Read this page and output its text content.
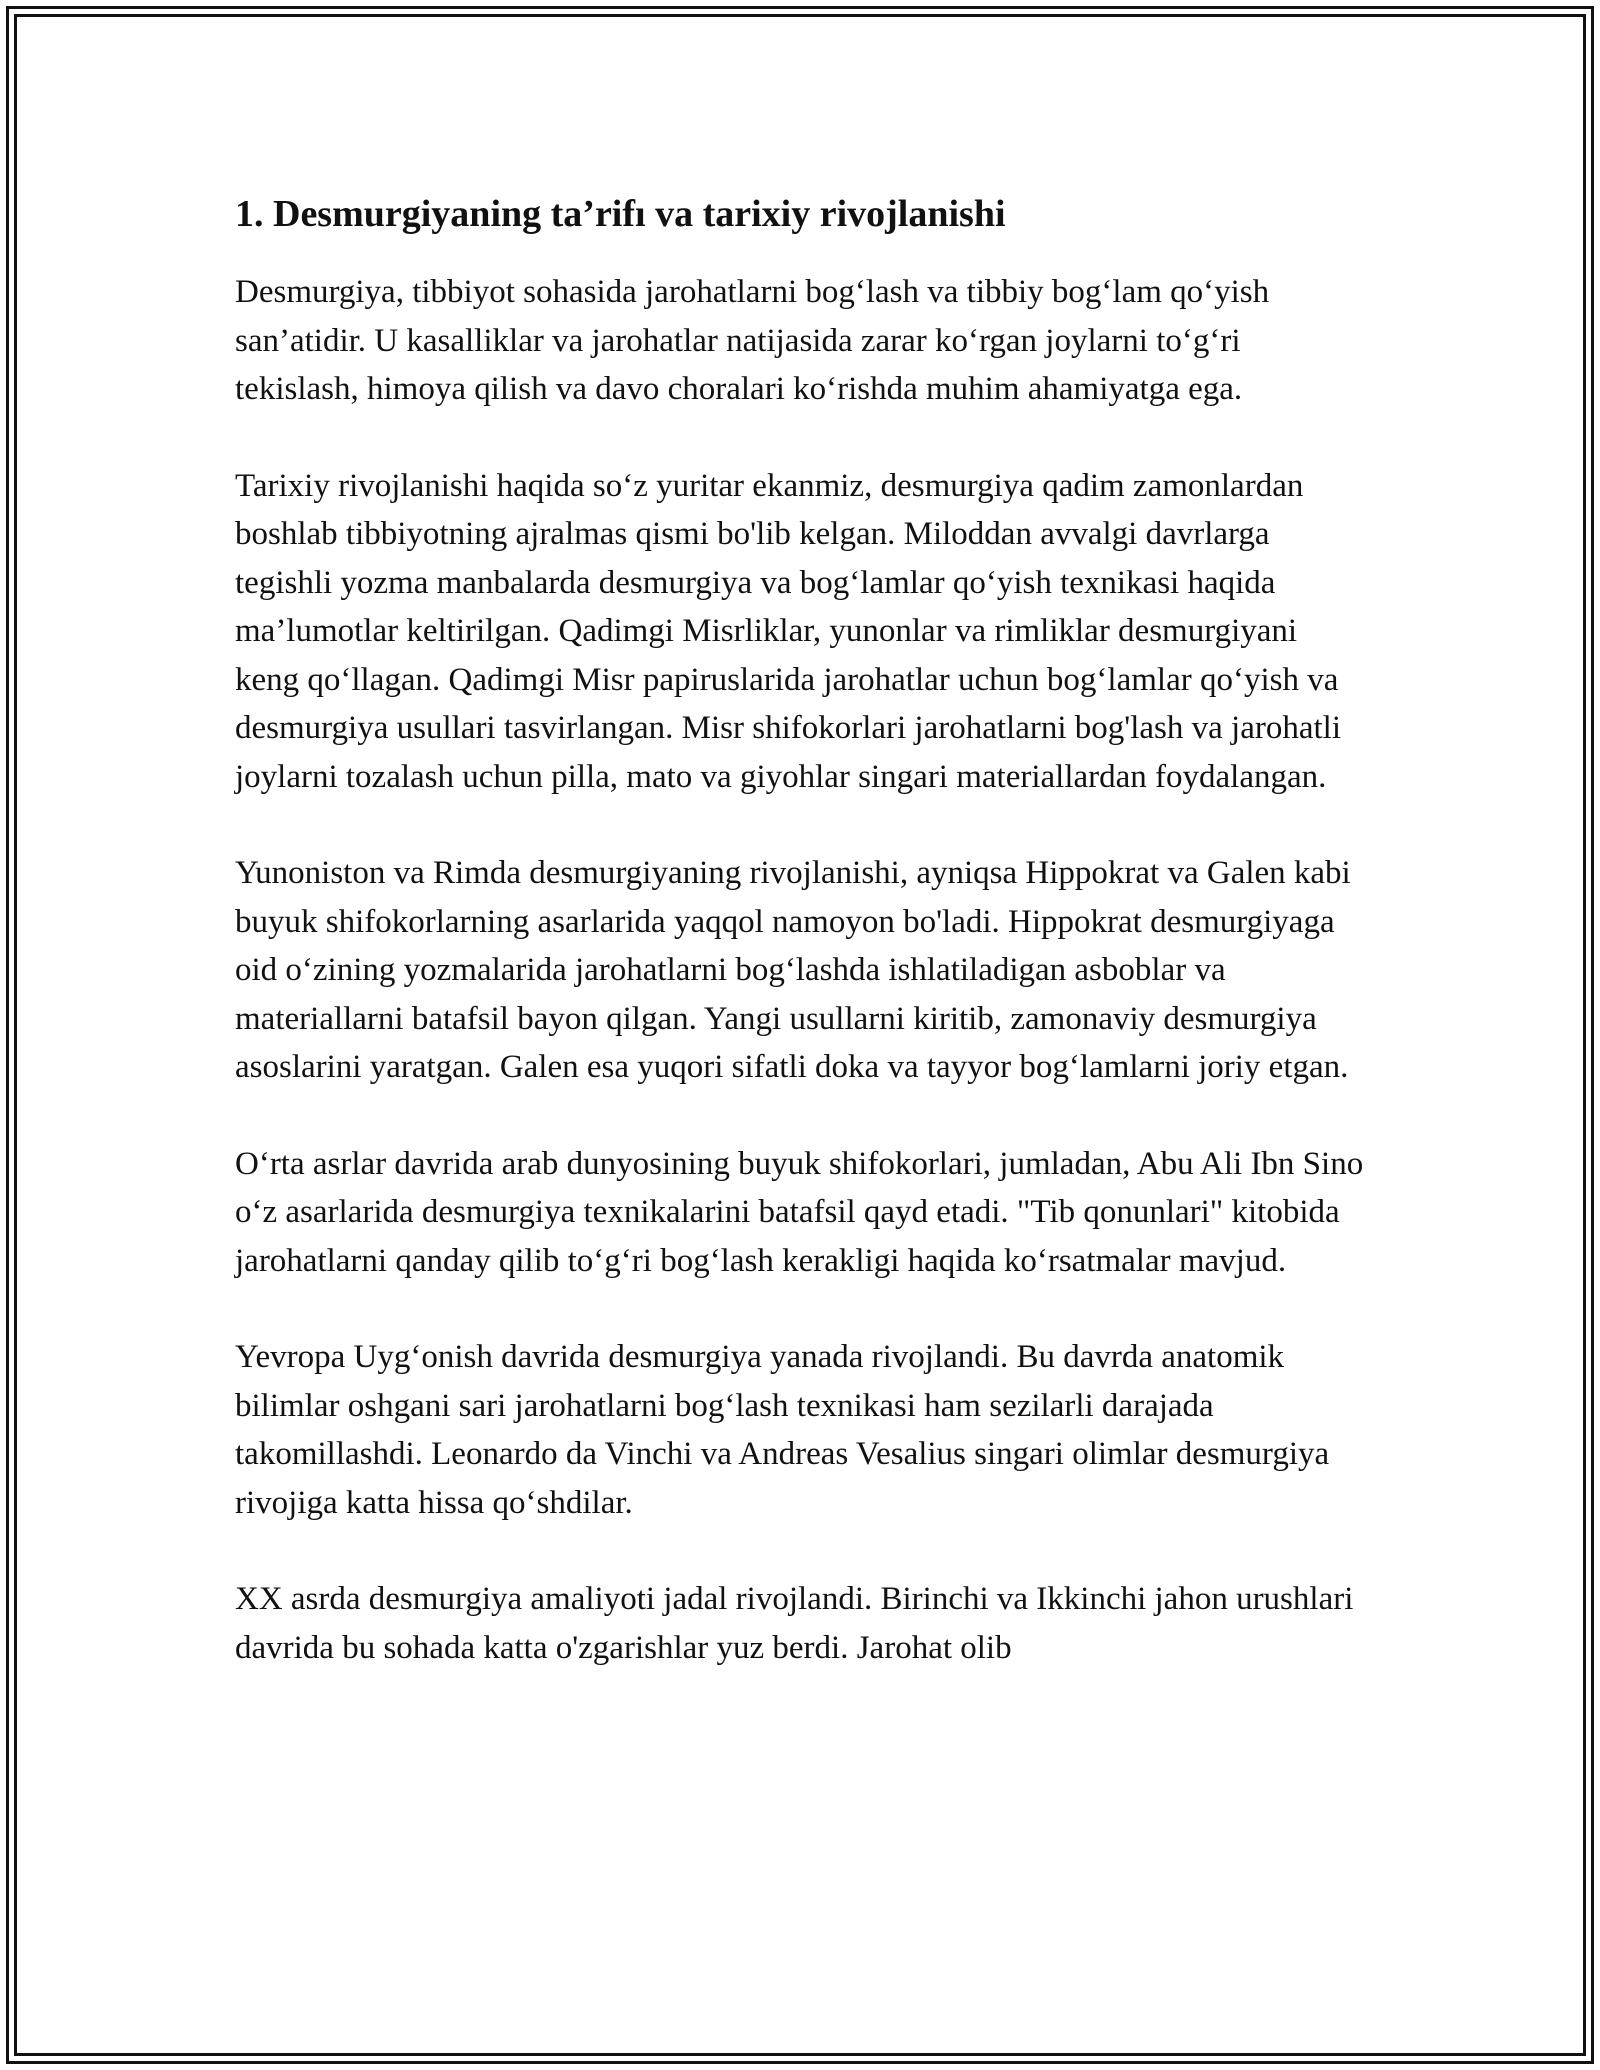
1. Desmurgiyaning ta’rifı va tarixiy rivojlanishi

Desmurgiya, tibbiyot sohasida jarohatlarni bog‘lash va tibbiy bog‘lam qo‘yish san’atidir. U kasalliklar va jarohatlar natijasida zarar ko‘rgan joylarni to‘g‘ri tekislash, himoya qilish va davo choralari ko‘rishda muhim ahamiyatga ega.

Tarixiy rivojlanishi haqida so‘z yuritar ekanmiz, desmurgiya qadim zamonlardan boshlab tibbiyotning ajralmas qismi bo'lib kelgan. Miloddan avvalgi davrlarga tegishli yozma manbalarda desmurgiya va bog‘lamlar qo‘yish texnikasi haqida ma’lumotlar keltirilgan. Qadimgi Misrliklar, yunonlar va rimliklar desmurgiyani keng qo‘llagan. Qadimgi Misr papiruslarida jarohatlar uchun bog‘lamlar qo‘yish va desmurgiya usullari tasvirlangan. Misr shifokorlari jarohatlarni bog'lash va jarohatli joylarni tozalash uchun pilla, mato va giyohlar singari materiallardan foydalangan.

Yunoniston va Rimda desmurgiyaning rivojlanishi, ayniqsa Hippokrat va Galen kabi buyuk shifokorlarning asarlarida yaqqol namoyon bo'ladi. Hippokrat desmurgiyaga oid o‘zining yozmalarida jarohatlarni bog‘lashda ishlatiladigan asboblar va materiallarni batafsil bayon qilgan. Yangi usullarni kiritib, zamonaviy desmurgiya asoslarini yaratgan. Galen esa yuqori sifatli doka va tayyor bog‘lamlarni joriy etgan.

O‘rta asrlar davrida arab dunyosining buyuk shifokorlari, jumladan, Abu Ali Ibn Sino o‘z asarlarida desmurgiya texnikalarini batafsil qayd etadi. "Tib qonunlari" kitobida jarohatlarni qanday qilib to‘g‘ri bog‘lash kerakligi haqida ko‘rsatmalar mavjud.

Yevropa Uyg‘onish davrida desmurgiya yanada rivojlandi. Bu davrda anatomik bilimlar oshgani sari jarohatlarni bog‘lash texnikasi ham sezilarli darajada takomillashdi. Leonardo da Vinchi va Andreas Vesalius singari olimlar desmurgiya rivojiga katta hissa qo‘shdilar.

XX asrda desmurgiya amaliyoti jadal rivojlandi. Birinchi va Ikkinchi jahon urushlari davrida bu sohada katta o'zgarishlar yuz berdi. Jarohat olib
